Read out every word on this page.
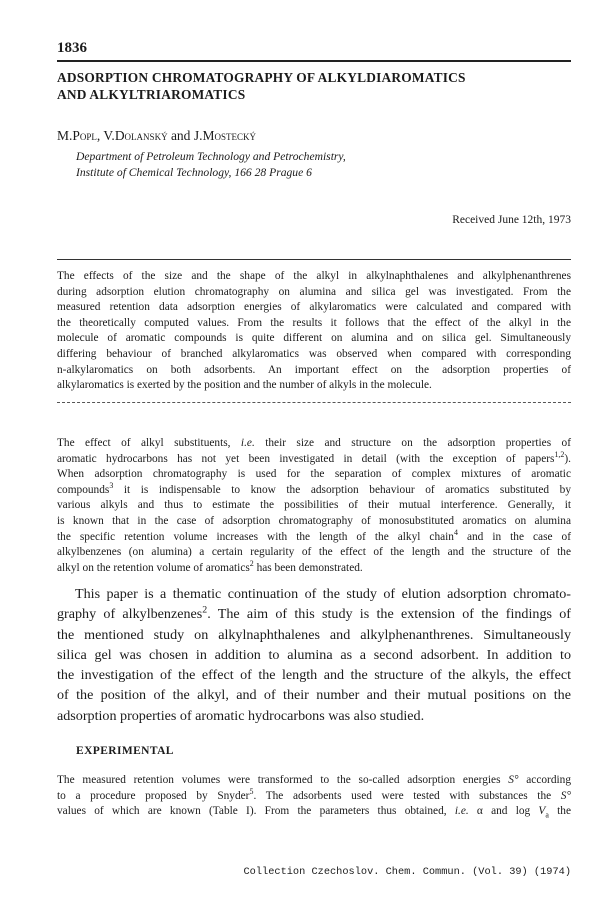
1836
ADSORPTION CHROMATOGRAPHY OF ALKYLDIAROMATICS
AND ALKYLTRIAROMATICS
M.Popl, V.Dolanský and J.Mostecký
Department of Petroleum Technology and Petrochemistry,
Institute of Chemical Technology, 166 28 Prague 6
Received June 12th, 1973
The effects of the size and the shape of the alkyl in alkylnaphthalenes and alkylphenanthrenes
during adsorption elution chromatography on alumina and silica gel was investigated. From the
measured retention data adsorption energies of alkylaromatics were calculated and compared with
the theoretically computed values. From the results it follows that the effect of the alkyl in the
molecule of aromatic compounds is quite different on alumina and on silica gel. Simultaneously
differing behaviour of branched alkylaromatics was observed when compared with corresponding
n-alkylaromatics on both adsorbents. An important effect on the adsorption properties of
alkylaromatics is exerted by the position and the number of alkyls in the molecule.
The effect of alkyl substituents, i.e. their size and structure on the adsorption properties of
aromatic hydrocarbons has not yet been investigated in detail (with the exception of papers$^{1,2}$).
When adsorption chromatography is used for the separation of complex mixtures of aromatic
compounds$^3$ it is indispensable to know the adsorption behaviour of aromatics substituted by
various alkyls and thus to estimate the possibilities of their mutual interference. Generally, it
is known that in the case of adsorption chromatography of monosubstituted aromatics on alumina
the specific retention volume increases with the length of the alkyl chain$^4$ and in the case of
alkylbenzenes (on alumina) a certain regularity of the effect of the length and the structure of the
alkyl on the retention volume of aromatics$^2$ has been demonstrated.
This paper is a thematic continuation of the study of elution adsorption chromato-
graphy of alkylbenzenes$^2$. The aim of this study is the extension of the findings of
the mentioned study on alkylnaphthalenes and alkylphenanthrenes. Simultaneously
silica gel was chosen in addition to alumina as a second adsorbent. In addition to
the investigation of the effect of the length and the structure of the alkyls, the effect
of the position of the alkyl, and of their number and their mutual positions on the
adsorption properties of aromatic hydrocarbons was also studied.
EXPERIMENTAL
The measured retention volumes were transformed to the so-called adsorption energies S° according
to a procedure proposed by Snyder$^5$. The adsorbents used were tested with substances the S°
values of which are known (Table I). From the parameters thus obtained, i.e. α and $\log V_a$ the
Collection Czechoslov. Chem. Commun. (Vol. 39) (1974)
